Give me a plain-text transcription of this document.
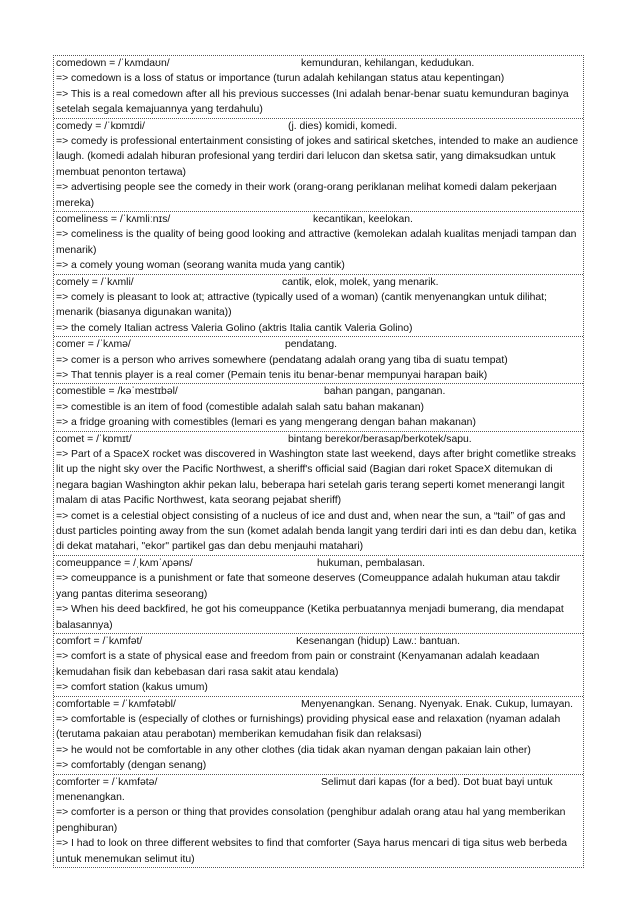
comedown = /ˈkʌmdaʊn/	kemunduran, kehilangan, kedudukan.
=> comedown is a loss of status or importance (turun adalah kehilangan status atau kepentingan)
=> This is a real comedown after all his previous successes (Ini adalah benar-benar suatu kemunduran baginya setelah segala kemajuannya yang terdahulu)
comedy = /ˈkɒmɪdi/	(j. dies) komidi, komedi.
=> comedy is professional entertainment consisting of jokes and satirical sketches, intended to make an audience laugh. (komedi adalah hiburan profesional yang terdiri dari lelucon dan sketsa satir, yang dimaksudkan untuk membuat penonton tertawa)
=> advertising people see the comedy in their work (orang-orang periklanan melihat komedi dalam pekerjaan mereka)
comeliness = /ˈkʌmliːnɪs/	kecantikan, keelokan.
=> comeliness is the quality of being good looking and attractive (kemolekan adalah kualitas menjadi tampan dan menarik)
=> a comely young woman (seorang wanita muda yang cantik)
comely = /ˈkʌmli/	cantik, elok, molek, yang menarik.
=> comely is pleasant to look at; attractive (typically used of a woman) (cantik menyenangkan untuk dilihat; menarik (biasanya digunakan wanita))
=> the comely Italian actress Valeria Golino (aktris Italia cantik Valeria Golino)
comer = /ˈkʌmə/	pendatang.
=> comer is a person who arrives somewhere (pendatang adalah orang yang tiba di suatu tempat)
=> That tennis player is a real comer (Pemain tenis itu benar-benar mempunyai harapan baik)
comestible = /kəˈmestɪbəl/	bahan pangan, panganan.
=> comestible is an item of food (comestible adalah salah satu bahan makanan)
=> a fridge groaning with comestibles (lemari es yang mengerang dengan bahan makanan)
comet = /ˈkɒmɪt/	bintang berekor/berasap/berkotek/sapu.
=> Part of a SpaceX rocket was discovered in Washington state last weekend, days after bright cometlike streaks lit up the night sky over the Pacific Northwest, a sheriff's official said (Bagian dari roket SpaceX ditemukan di negara bagian Washington akhir pekan lalu, beberapa hari setelah garis terang seperti komet menerangi langit malam di atas Pacific Northwest, kata seorang pejabat sheriff)
=> comet is a celestial object consisting of a nucleus of ice and dust and, when near the sun, a “tail” of gas and dust particles pointing away from the sun (komet adalah benda langit yang terdiri dari inti es dan debu dan, ketika di dekat matahari, "ekor" partikel gas dan debu menjauhi matahari)
comeuppance = /ˌkʌmˈʌpəns/	hukuman, pembalasan.
=> comeuppance is a punishment or fate that someone deserves (Comeuppance adalah hukuman atau takdir yang pantas diterima seseorang)
=> When his deed backfired, he got his comeuppance (Ketika perbuatannya menjadi bumerang, dia mendapat balasannya)
comfort = /ˈkʌmfət/	Kesenangan (hidup) Law.: bantuan.
=> comfort is a state of physical ease and freedom from pain or constraint (Kenyamanan adalah keadaan kemudahan fisik dan kebebasan dari rasa sakit atau kendala)
=> comfort station (kakus umum)
comfortable = /ˈkʌmfətəbl/	Menyenangkan. Senang. Nyenyak. Enak. Cukup, lumayan.
=> comfortable is (especially of clothes or furnishings) providing physical ease and relaxation (nyaman adalah (terutama pakaian atau perabotan) memberikan kemudahan fisik dan relaksasi)
=> he would not be comfortable in any other clothes (dia tidak akan nyaman dengan pakaian lain other)
=> comfortably (dengan senang)
comforter = /ˈkʌmfətə/	Selimut dari kapas (for a bed). Dot buat bayi untuk menenangkan.
=> comforter is a person or thing that provides consolation (penghibur adalah orang atau hal yang memberikan penghiburan)
=> I had to look on three different websites to find that comforter (Saya harus mencari di tiga situs web berbeda untuk menemukan selimut itu)
